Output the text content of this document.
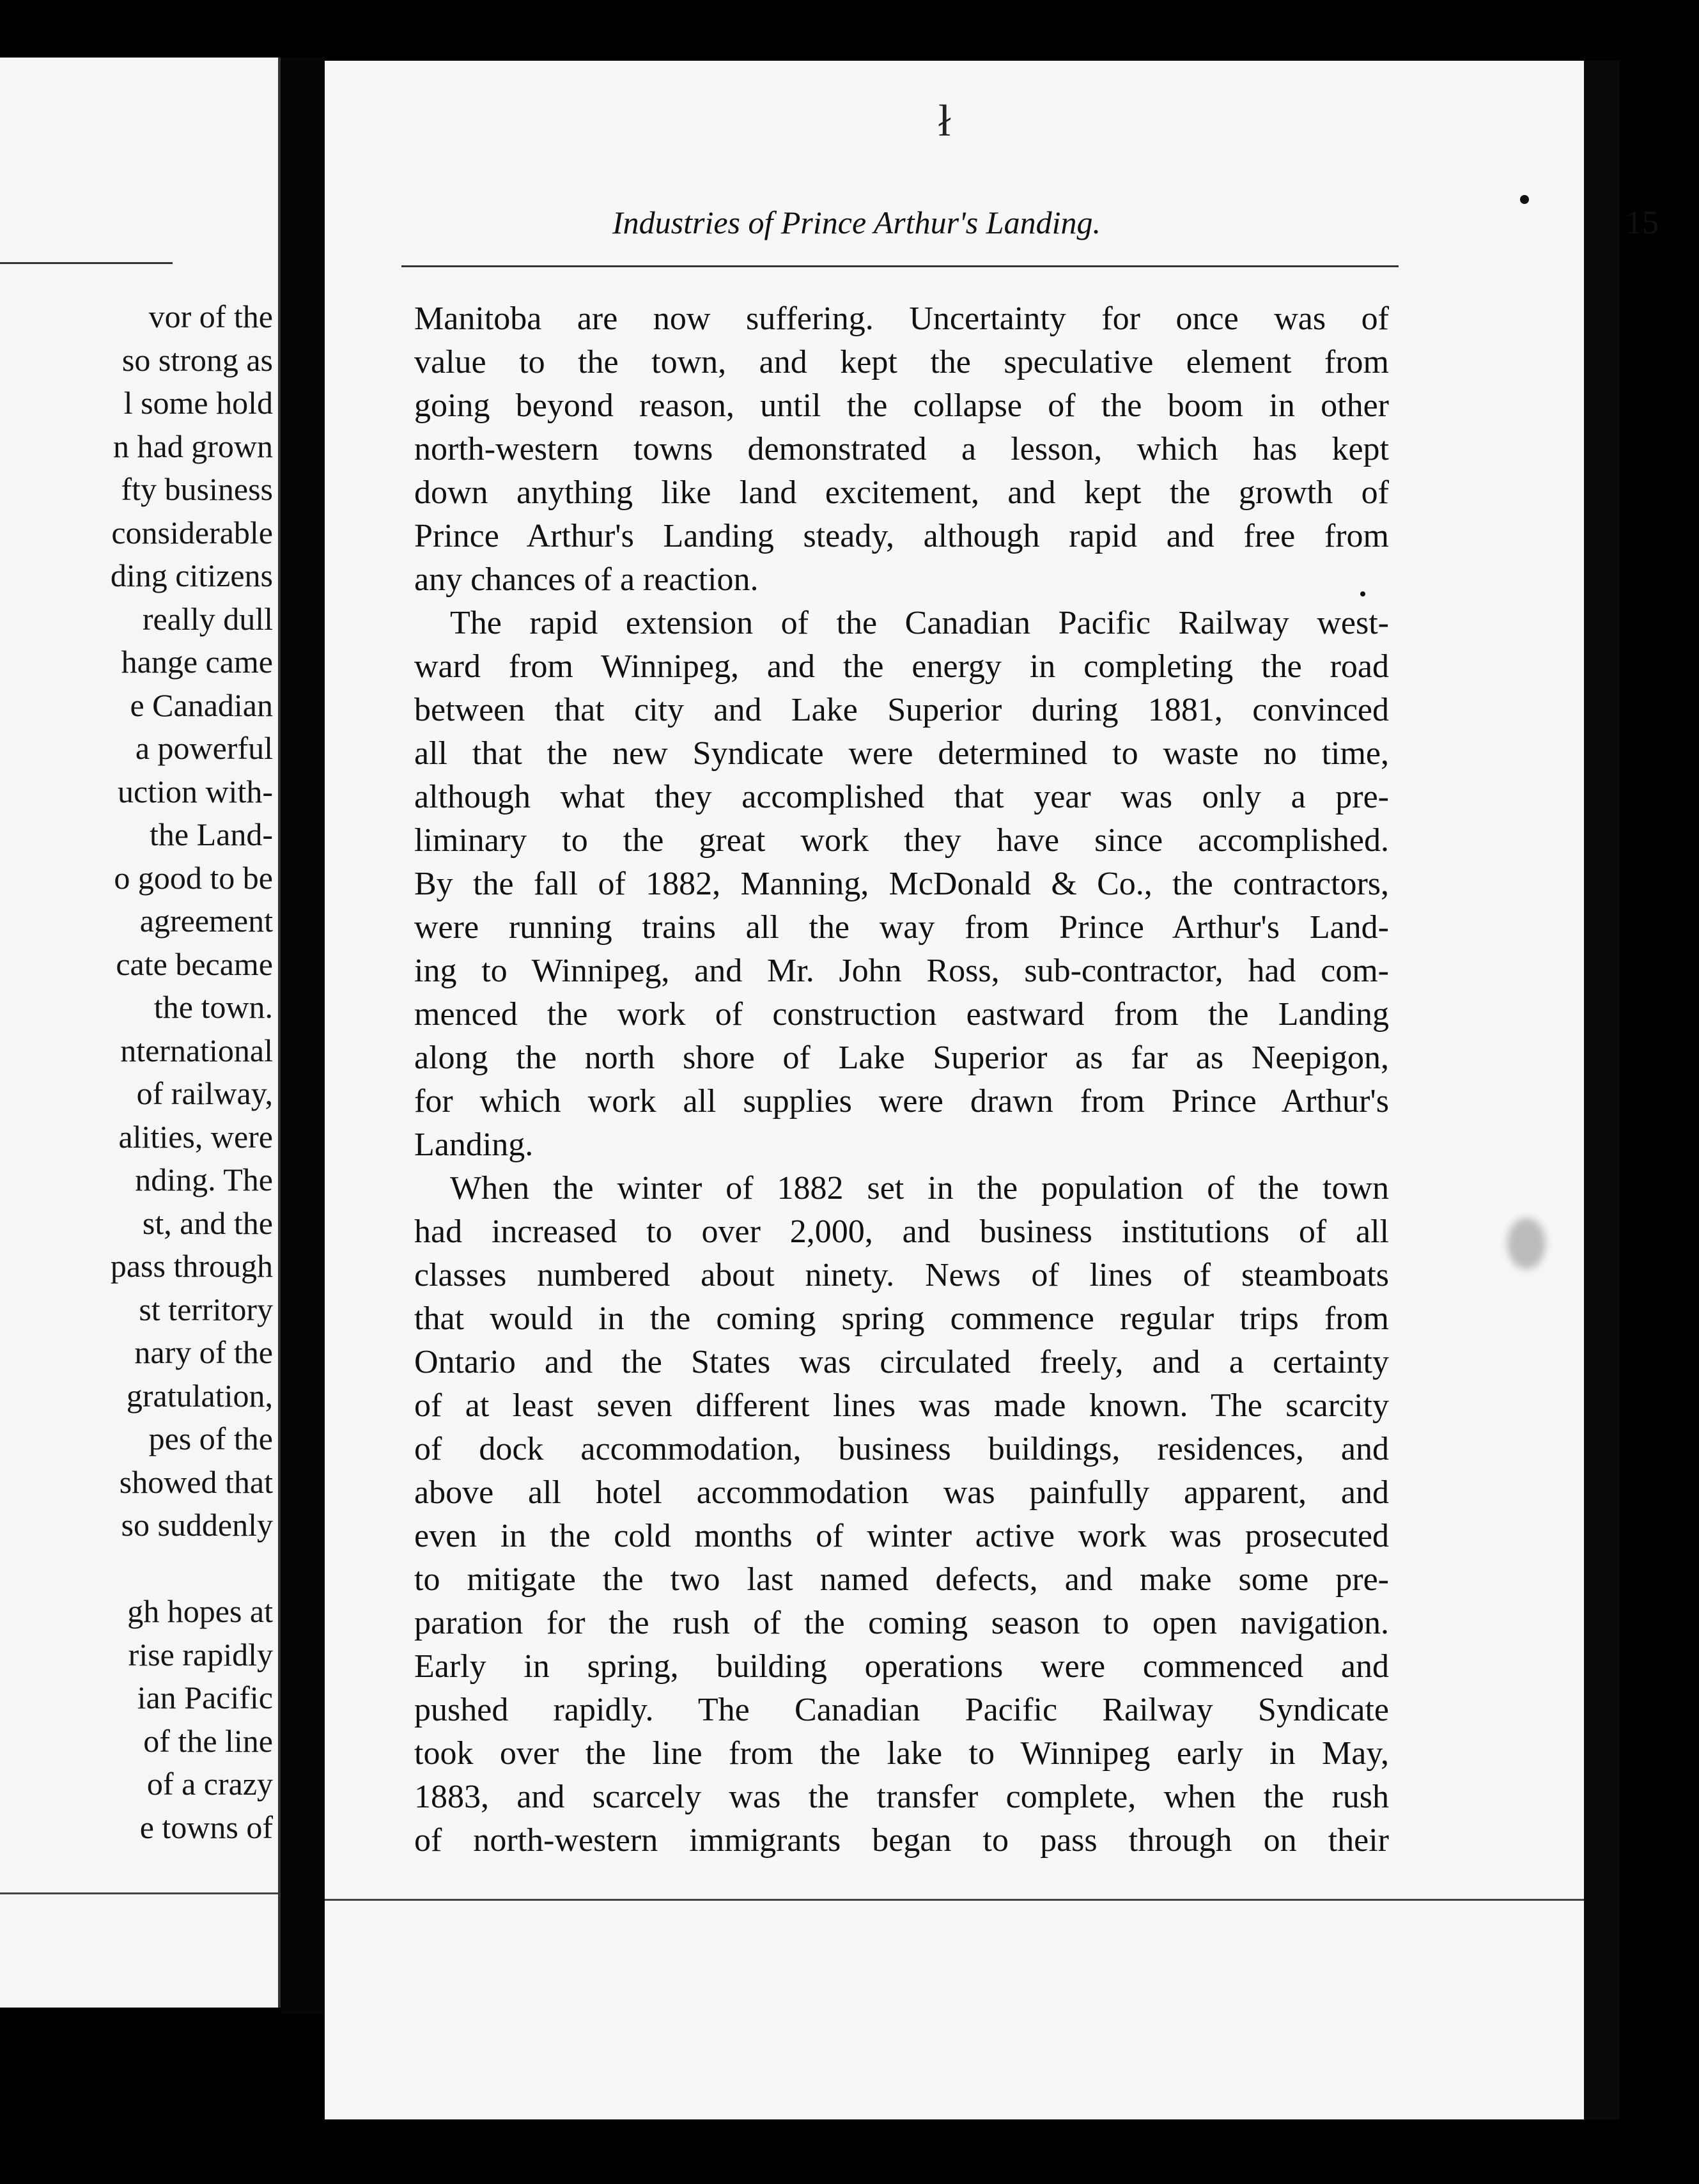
vor of the
so strong as
l some hold
n had grown
fty business
considerable
ding citizens
really dull
hange came
e Canadian
a powerful
uction with-
the Land-
o good to be
agreement
cate became
the town.
nternational
of railway,
alities, were
nding. The
st, and the
pass through
st territory
nary of the
gratulation,
pes of the
showed that
so suddenly
gh hopes at
rise rapidly
ian Pacific
of the line
of a crazy
e towns of
ł
Industries of Prince Arthur's Landing.	15
Manitoba are now suffering. Uncertainty for once was of
value to the town, and kept the speculative element from
going beyond reason, until the collapse of the boom in other
north-western towns demonstrated a lesson, which has kept
down anything like land excitement, and kept the growth of
Prince Arthur's Landing steady, although rapid and free from
any chances of a reaction.
The rapid extension of the Canadian Pacific Railway west-
ward from Winnipeg, and the energy in completing the road
between that city and Lake Superior during 1881, convinced
all that the new Syndicate were determined to waste no time,
although what they accomplished that year was only a pre-
liminary to the great work they have since accomplished.
By the fall of 1882, Manning, McDonald & Co., the contractors,
were running trains all the way from Prince Arthur's Land-
ing to Winnipeg, and Mr. John Ross, sub-contractor, had com-
menced the work of construction eastward from the Landing
along the north shore of Lake Superior as far as Neepigon,
for which work all supplies were drawn from Prince Arthur's
Landing.
When the winter of 1882 set in the population of the town
had increased to over 2,000, and business institutions of all
classes numbered about ninety. News of lines of steamboats
that would in the coming spring commence regular trips from
Ontario and the States was circulated freely, and a certainty
of at least seven different lines was made known. The scarcity
of dock accommodation, business buildings, residences, and
above all hotel accommodation was painfully apparent, and
even in the cold months of winter active work was prosecuted
to mitigate the two last named defects, and make some pre-
paration for the rush of the coming season to open navigation.
Early in spring, building operations were commenced and
pushed rapidly. The Canadian Pacific Railway Syndicate
took over the line from the lake to Winnipeg early in May,
1883, and scarcely was the transfer complete, when the rush
of north-western immigrants began to pass through on their
